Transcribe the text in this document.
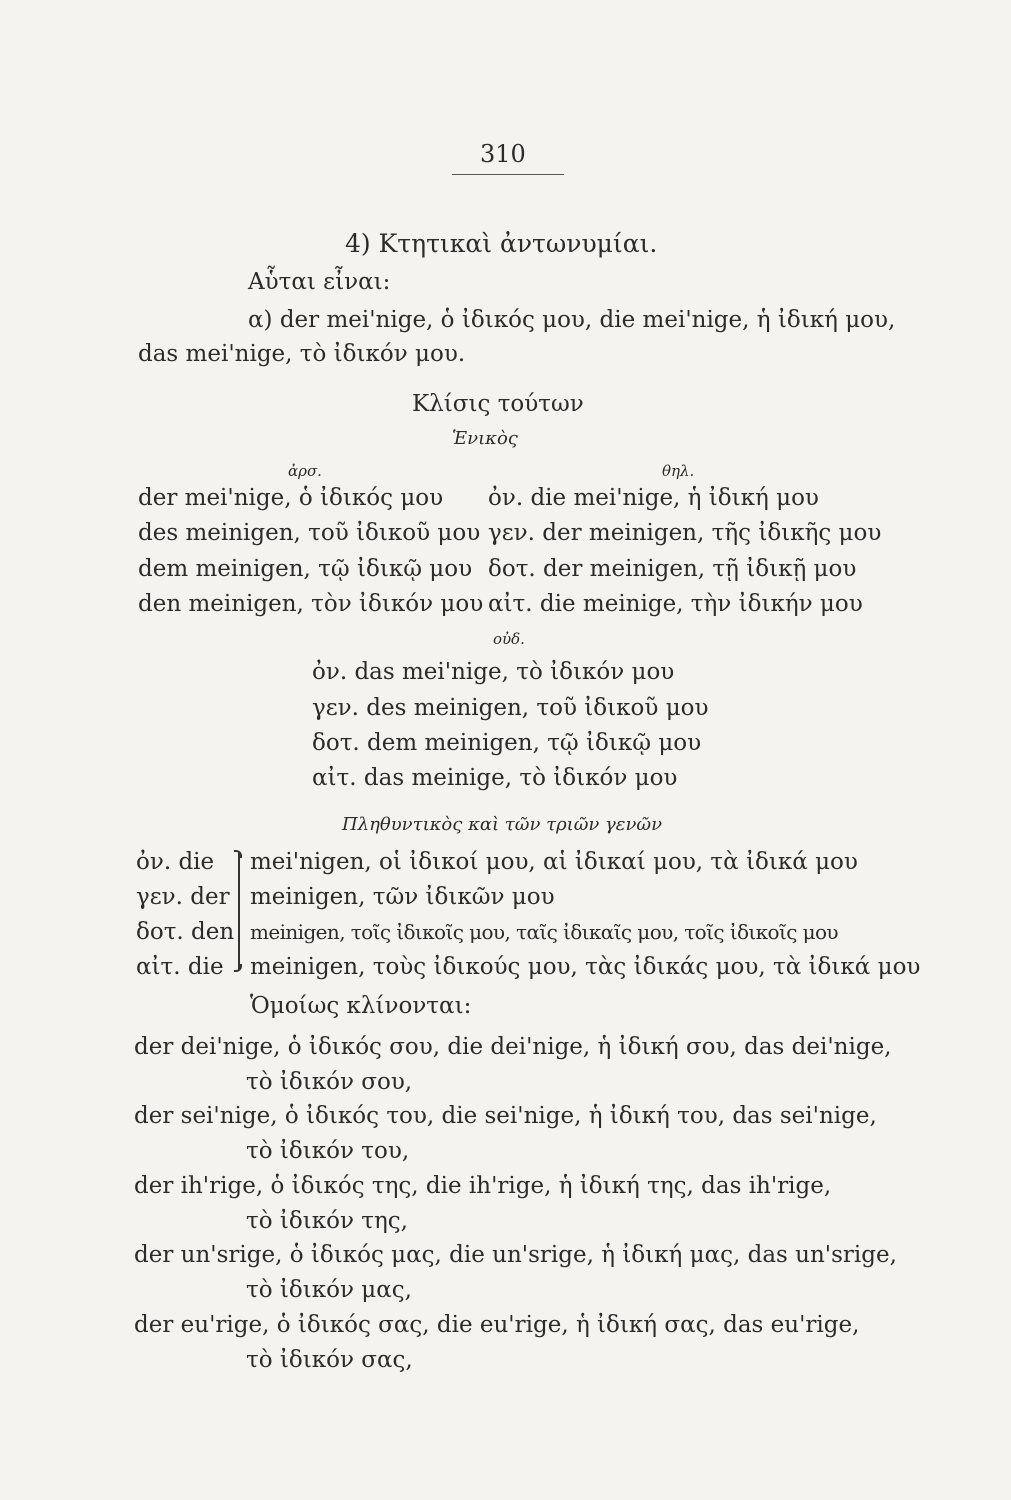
310
4) Κτητικαὶ ἀντωνυμίαι.
Αὗται εἶναι:
α) der mei'nige, ὁ ἰδικός μου, die mei'nige, ἡ ἰδική μου,
das mei'nige, τὸ ἰδικόν μου.
Κλίσις τούτων
Ἑνικὸς
ἀρσ.	θηλ.
der mei'nige, ὁ ἰδικός μου
des meinigen, τοῦ ἰδικοῦ μου
dem meinigen, τῷ ἰδικῷ μου
den meinigen, τὸν ἰδικόν μου
ὀν. die mei'nige, ἡ ἰδική μου
γεν. der meinigen, τῆς ἰδικῆς μου
δοτ. der meinigen, τῇ ἰδικῇ μου
αἰτ. die meinige, τὴν ἰδικήν μου
οὐδ.
ὀν. das mei'nige, τὸ ἰδικόν μου
γεν. des meinigen, τοῦ ἰδικοῦ μου
δοτ. dem meinigen, τῷ ἰδικῷ μου
αἰτ. das meinige, τὸ ἰδικόν μου
Πληθυντικὸς καὶ τῶν τριῶν γενῶν
ὀν. die
γεν. der
δοτ. den
αἰτ. die
mei'nigen, οἱ ἰδικοί μου, αἱ ἰδικαί μου, τὰ ἰδικά μου
meinigen, τῶν ἰδικῶν μου
meinigen, τοῖς ἰδικοῖς μου, ταῖς ἰδικαῖς μου, τοῖς ἰδικοῖς μου
meinigen, τοὺς ἰδικούς μου, τὰς ἰδικάς μου, τὰ ἰδικά μου
Ὁμοίως κλίνονται:
der dei'nige, ὁ ἰδικός σου, die dei'nige, ἡ ἰδική σου, das dei'nige,
τὸ ἰδικόν σου,
der sei'nige, ὁ ἰδικός του, die sei'nige, ἡ ἰδική του, das sei'nige,
τὸ ἰδικόν του,
der ih'rige, ὁ ἰδικός της, die ih'rige, ἡ ἰδική της, das ih'rige,
τὸ ἰδικόν της,
der un'srige, ὁ ἰδικός μας, die un'srige, ἡ ἰδική μας, das un'srige,
τὸ ἰδικόν μας,
der eu'rige, ὁ ἰδικός σας, die eu'rige, ἡ ἰδική σας, das eu'rige,
τὸ ἰδικόν σας,
